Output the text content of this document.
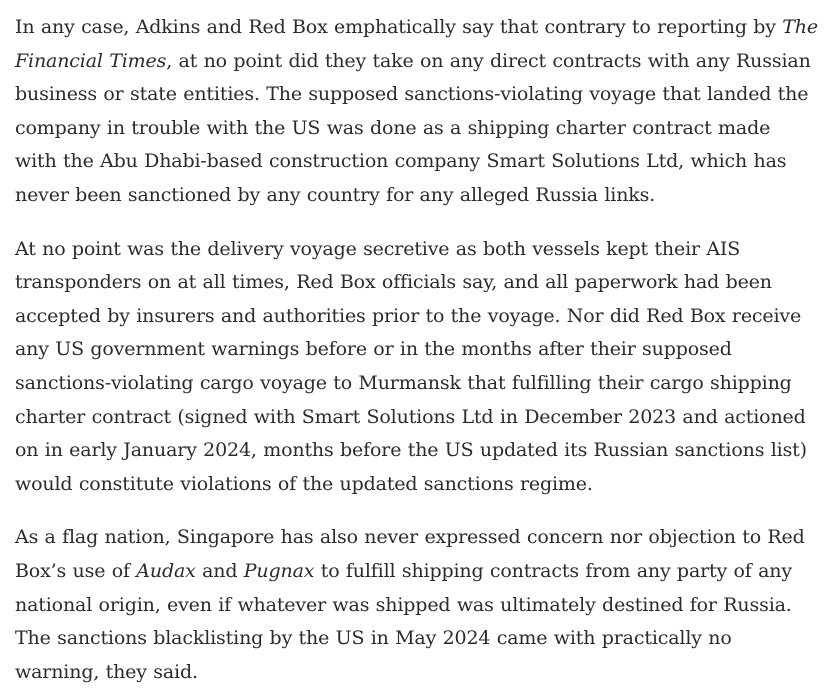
In any case, Adkins and Red Box emphatically say that contrary to reporting by The Financial Times, at no point did they take on any direct contracts with any Russian business or state entities. The supposed sanctions-violating voyage that landed the company in trouble with the US was done as a shipping charter contract made with the Abu Dhabi-based construction company Smart Solutions Ltd, which has never been sanctioned by any country for any alleged Russia links.

At no point was the delivery voyage secretive as both vessels kept their AIS transponders on at all times, Red Box officials say, and all paperwork had been accepted by insurers and authorities prior to the voyage. Nor did Red Box receive any US government warnings before or in the months after their supposed sanctions-violating cargo voyage to Murmansk that fulfilling their cargo shipping charter contract (signed with Smart Solutions Ltd in December 2023 and actioned on in early January 2024, months before the US updated its Russian sanctions list) would constitute violations of the updated sanctions regime.

As a flag nation, Singapore has also never expressed concern nor objection to Red Box’s use of Audax and Pugnax to fulfill shipping contracts from any party of any national origin, even if whatever was shipped was ultimately destined for Russia. The sanctions blacklisting by the US in May 2024 came with practically no warning, they said.
